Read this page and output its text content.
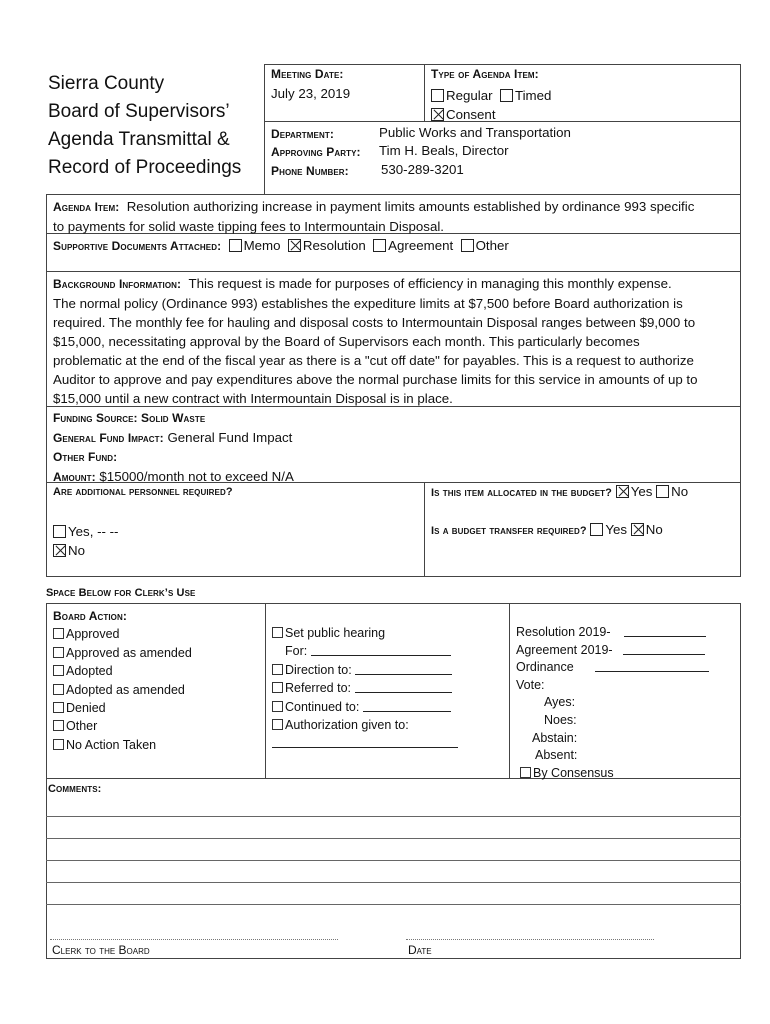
Sierra County
Board of Supervisors’
Agenda Transmittal &
Record of Proceedings
Meeting Date:
July 23, 2019
Type of Agenda Item:
Regular Timed
Consent
Department:	Public Works and Transportation
Approving Party: Tim H. Beals, Director
Phone Number: 530-289-3201
Agenda Item: Resolution authorizing increase in payment limits amounts established by ordinance 993 specific
to payments for solid waste tipping fees to Intermountain Disposal.
Supportive Documents Attached: Memo Resolution Agreement Other
Background Information: This request is made for purposes of efficiency in managing this monthly expense.
The normal policy (Ordinance 993) establishes the expediture limits at $7,500 before Board authorization is
required. The monthly fee for hauling and disposal costs to Intermountain Disposal ranges between $9,000 to
$15,000, necessitating approval by the Board of Supervisors each month. This particularly becomes
problematic at the end of the fiscal year as there is a "cut off date" for payables. This is a request to authorize
Auditor to approve and pay expenditures above the normal purchase limits for this service in amounts of up to
$15,000 until a new contract with Intermountain Disposal is in place.
Funding Source: Solid Waste
General Fund Impact: General Fund Impact
Other Fund:
Amount: $15000/month not to exceed N/A
Are additional personnel required?
Yes, -- --
No
Is this item allocated in the budget? Yes No
Is a budget transfer required? Yes No
Space Below for Clerk’s Use
Board Action:
Approved
Approved as amended
Adopted
Adopted as amended
Denied
Other
No Action Taken
Set public hearing
For:
Direction to:
Referred to:
Continued to:
Authorization given to:
Resolution 2019-
Agreement 2019-
Ordinance
Vote:
Ayes:
Noes:
Abstain:
Absent:
By Consensus
Comments:
Clerk to the Board	Date
